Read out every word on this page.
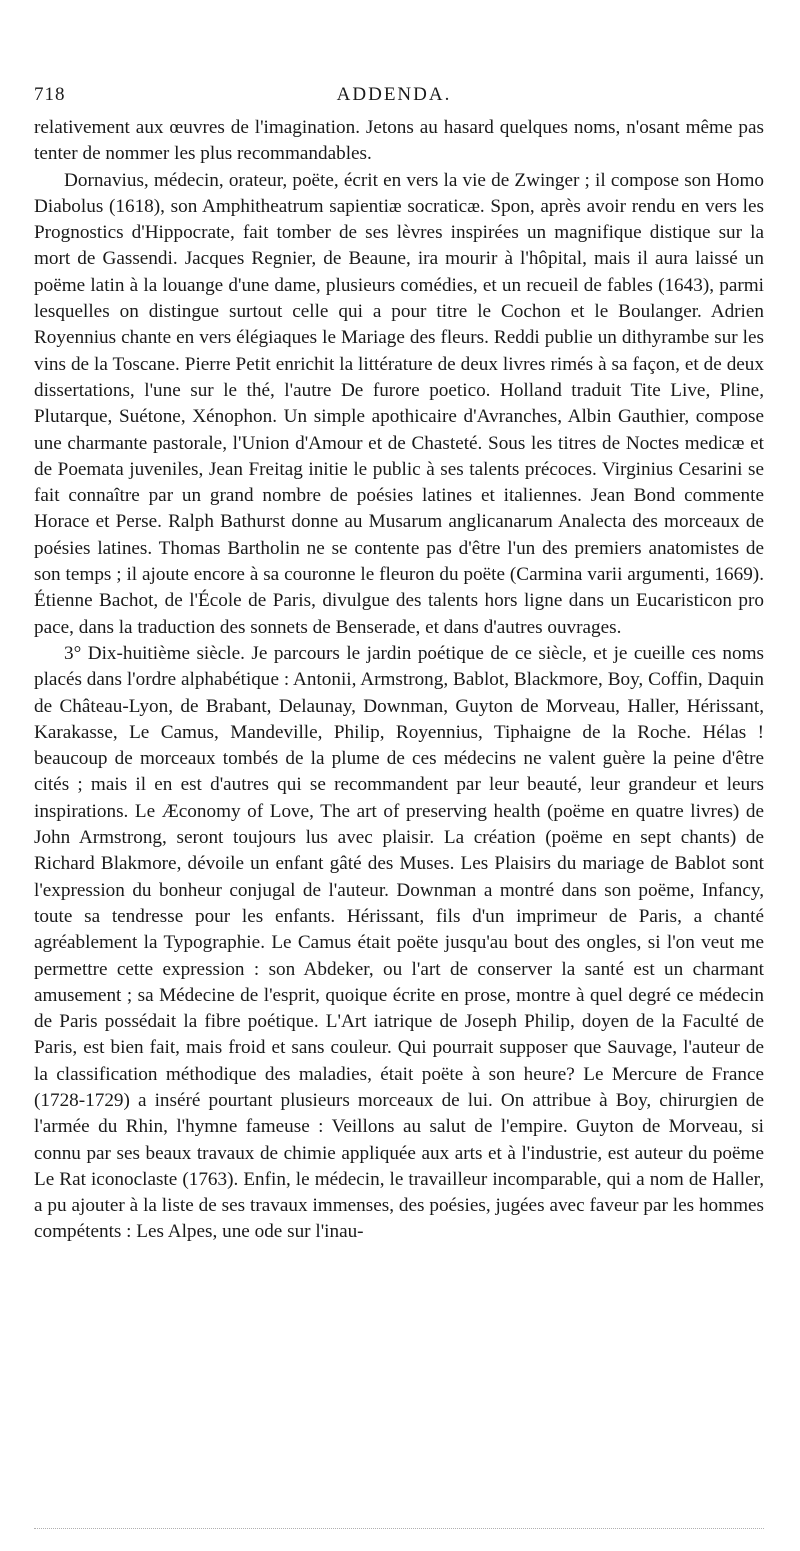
718	ADDENDA.

relativement aux œuvres de l'imagination. Jetons au hasard quelques noms, n'osant même pas tenter de nommer les plus recommandables.

Dornavius, médecin, orateur, poëte, écrit en vers la vie de Zwinger ; il compose son Homo Diabolus (1618), son Amphitheatrum sapientiæ socraticæ. Spon, après avoir rendu en vers les Prognostics d'Hippocrate, fait tomber de ses lèvres inspirées un magnifique distique sur la mort de Gassendi. Jacques Regnier, de Beaune, ira mourir à l'hôpital, mais il aura laissé un poëme latin à la louange d'une dame, plusieurs comédies, et un recueil de fables (1643), parmi lesquelles on distingue surtout celle qui a pour titre le Cochon et le Boulanger. Adrien Royennius chante en vers élégiaques le Mariage des fleurs. Reddi publie un dithyrambe sur les vins de la Toscane. Pierre Petit enrichit la littérature de deux livres rimés à sa façon, et de deux dissertations, l'une sur le thé, l'autre De furore poetico. Holland traduit Tite Live, Pline, Plutarque, Suétone, Xénophon. Un simple apothicaire d'Avranches, Albin Gauthier, compose une charmante pastorale, l'Union d'Amour et de Chasteté. Sous les titres de Noctes medicæ et de Poemata juveniles, Jean Freitag initie le public à ses talents précoces. Virginius Cesarini se fait connaître par un grand nombre de poésies latines et italiennes. Jean Bond commente Horace et Perse. Ralph Bathurst donne au Musarum anglicanarum Analecta des morceaux de poésies latines. Thomas Bartholin ne se contente pas d'être l'un des premiers anatomistes de son temps ; il ajoute encore à sa couronne le fleuron du poëte (Carmina varii argumenti, 1669). Étienne Bachot, de l'École de Paris, divulgue des talents hors ligne dans un Eucaristicon pro pace, dans la traduction des sonnets de Benserade, et dans d'autres ouvrages.

3° Dix-huitième siècle. Je parcours le jardin poétique de ce siècle, et je cueille ces noms placés dans l'ordre alphabétique : Antonii, Armstrong, Bablot, Blackmore, Boy, Coffin, Daquin de Château-Lyon, de Brabant, Delaunay, Downman, Guyton de Morveau, Haller, Hérissant, Karakasse, Le Camus, Mandeville, Philip, Royennius, Tiphaigne de la Roche. Hélas ! beaucoup de morceaux tombés de la plume de ces médecins ne valent guère la peine d'être cités ; mais il en est d'autres qui se recommandent par leur beauté, leur grandeur et leurs inspirations. Le Æconomy of Love, The art of preserving health (poëme en quatre livres) de John Armstrong, seront toujours lus avec plaisir. La création (poëme en sept chants) de Richard Blakmore, dévoile un enfant gâté des Muses. Les Plaisirs du mariage de Bablot sont l'expression du bonheur conjugal de l'auteur. Downman a montré dans son poëme, Infancy, toute sa tendresse pour les enfants. Hérissant, fils d'un imprimeur de Paris, a chanté agréablement la Typographie. Le Camus était poëte jusqu'au bout des ongles, si l'on veut me permettre cette expression : son Abdeker, ou l'art de conserver la santé est un charmant amusement ; sa Médecine de l'esprit, quoique écrite en prose, montre à quel degré ce médecin de Paris possédait la fibre poétique. L'Art iatrique de Joseph Philip, doyen de la Faculté de Paris, est bien fait, mais froid et sans couleur. Qui pourrait supposer que Sauvage, l'auteur de la classification méthodique des maladies, était poëte à son heure? Le Mercure de France (1728-1729) a inséré pourtant plusieurs morceaux de lui. On attribue à Boy, chirurgien de l'armée du Rhin, l'hymne fameuse : Veillons au salut de l'empire. Guyton de Morveau, si connu par ses beaux travaux de chimie appliquée aux arts et à l'industrie, est auteur du poëme Le Rat iconoclaste (1763). Enfin, le médecin, le travailleur incomparable, qui a nom de Haller, a pu ajouter à la liste de ses travaux immenses, des poésies, jugées avec faveur par les hommes compétents : Les Alpes, une ode sur l'inau-
